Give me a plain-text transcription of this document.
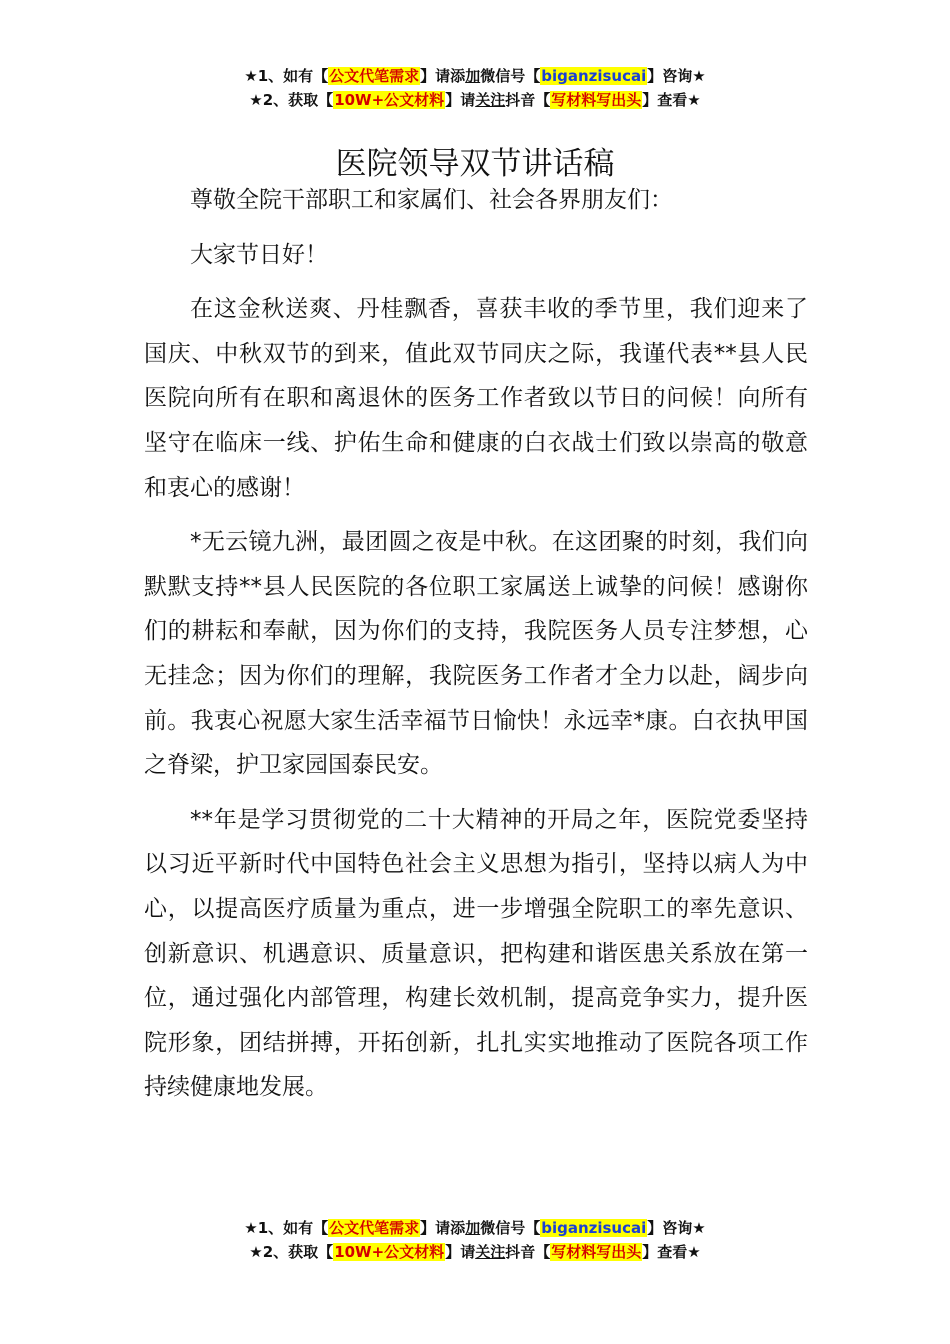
★1、如有【公文代笔需求】请添加微信号【biganzisucai】咨询★
★2、获取【10W+公文材料】请关注抖音【写材料写出头】查看★
医院领导双节讲话稿

尊敬全院干部职工和家属们、社会各界朋友们：

大家节日好！

在这金秋送爽、丹桂飘香，喜获丰收的季节里，我们迎来了国庆、中秋双节的到来，值此双节同庆之际，我谨代表**县人民医院向所有在职和离退休的医务工作者致以节日的问候！向所有坚守在临床一线、护佑生命和健康的白衣战士们致以崇高的敬意和衷心的感谢！

*无云镜九洲，最团圆之夜是中秋。在这团聚的时刻，我们向默默支持**县人民医院的各位职工家属送上诚挚的问候！感谢你们的耕耘和奉献，因为你们的支持，我院医务人员专注梦想，心无挂念；因为你们的理解，我院医务工作者才全力以赴，阔步向前。我衷心祝愿大家生活幸福节日愉快！永远幸*康。白衣执甲国之脊梁，护卫家园国泰民安。

**年是学习贯彻党的二十大精神的开局之年，医院党委坚持以习近平新时代中国特色社会主义思想为指引，坚持以病人为中心，以提高医疗质量为重点，进一步增强全院职工的率先意识、创新意识、机遇意识、质量意识，把构建和谐医患关系放在第一位，通过强化内部管理，构建长效机制，提高竞争实力，提升医院形象，团结拼搏，开拓创新，扎扎实实地推动了医院各项工作持续健康地发展。

★1、如有【公文代笔需求】请添加微信号【biganzisucai】咨询★
★2、获取【10W+公文材料】请关注抖音【写材料写出头】查看★
